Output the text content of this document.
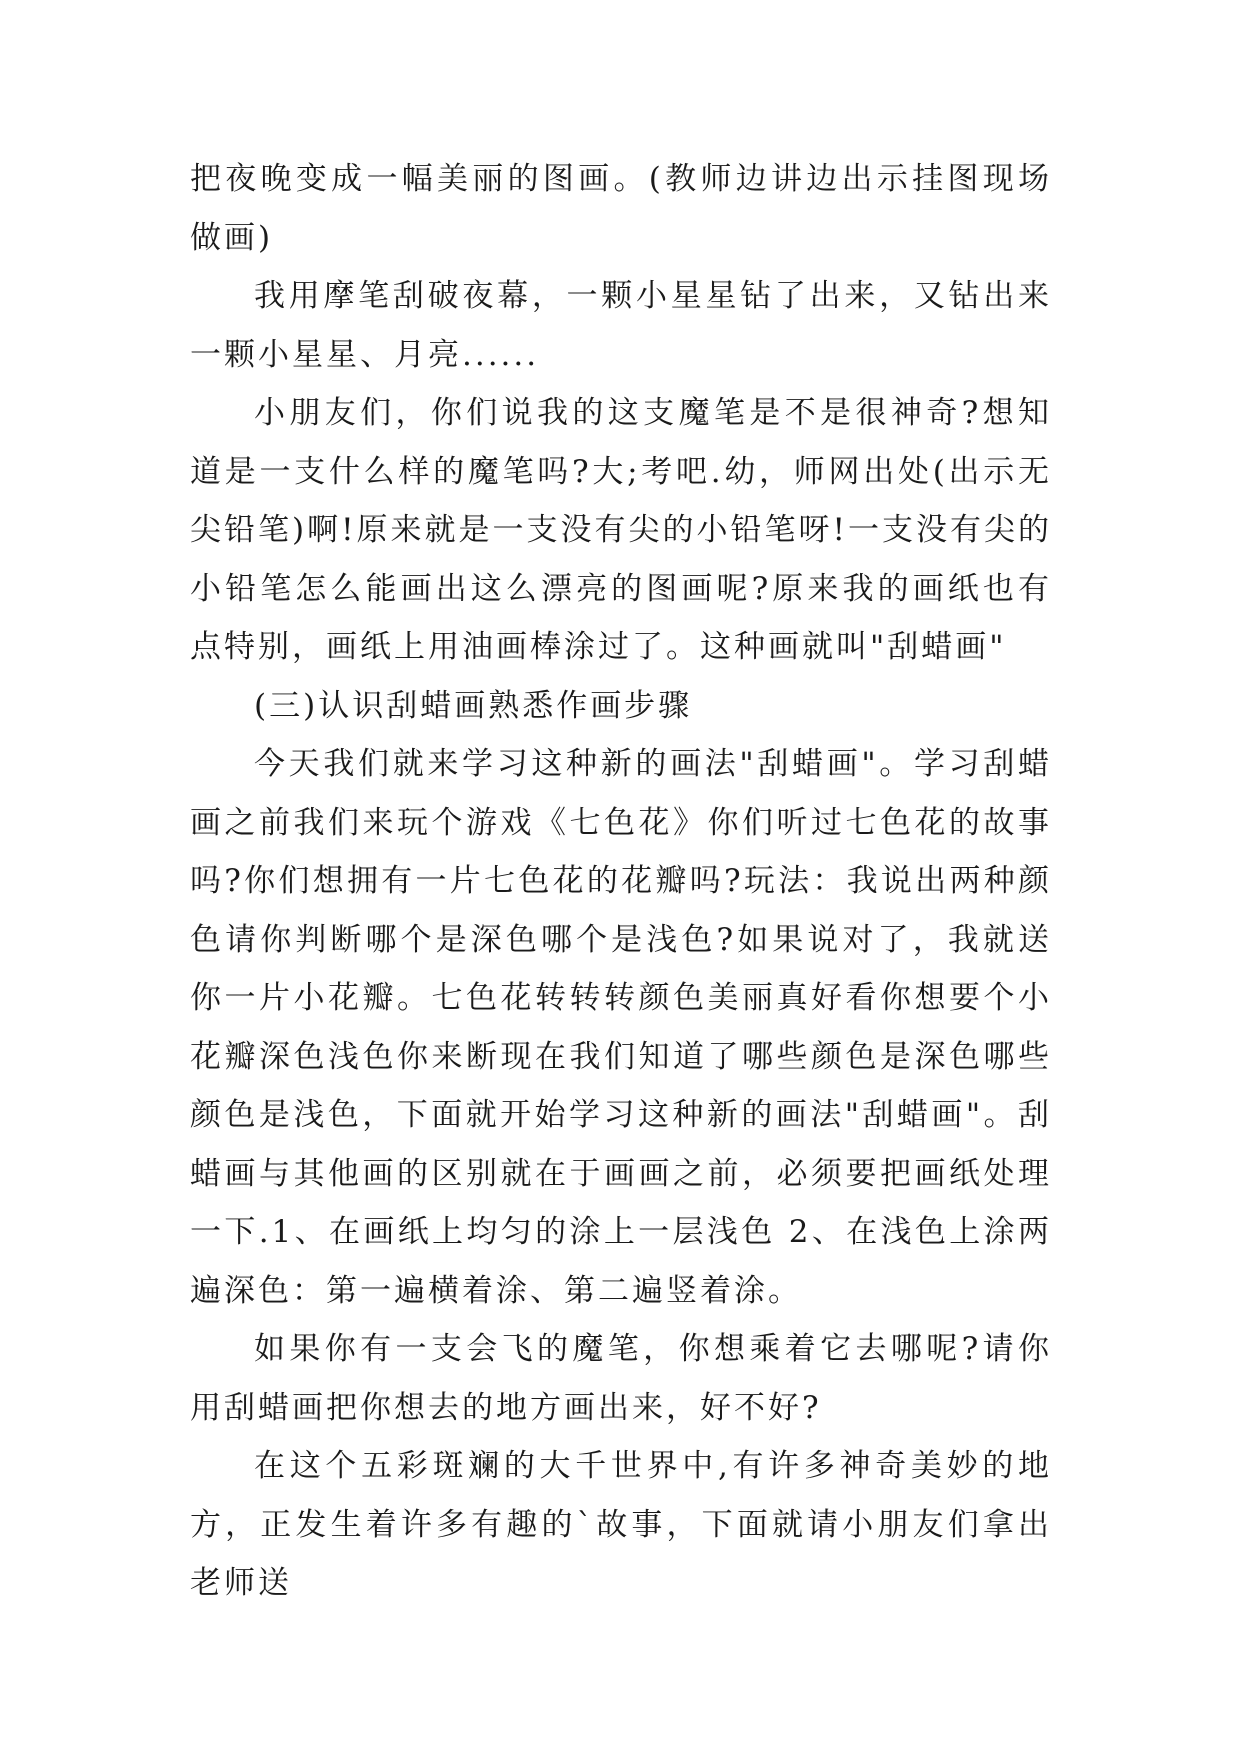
把夜晚变成一幅美丽的图画。(教师边讲边出示挂图现场做画)

我用摩笔刮破夜幕，一颗小星星钻了出来，又钻出来一颗小星星、月亮......

小朋友们，你们说我的这支魔笔是不是很神奇?想知道是一支什么样的魔笔吗?大;考吧.幼，师网出处(出示无尖铅笔)啊!原来就是一支没有尖的小铅笔呀!一支没有尖的小铅笔怎么能画出这么漂亮的图画呢?原来我的画纸也有点特别，画纸上用油画棒涂过了。这种画就叫"刮蜡画"

(三)认识刮蜡画熟悉作画步骤

今天我们就来学习这种新的画法"刮蜡画"。学习刮蜡画之前我们来玩个游戏《七色花》你们听过七色花的故事吗?你们想拥有一片七色花的花瓣吗?玩法：我说出两种颜色请你判断哪个是深色哪个是浅色?如果说对了，我就送你一片小花瓣。七色花转转转颜色美丽真好看你想要个小花瓣深色浅色你来断现在我们知道了哪些颜色是深色哪些颜色是浅色，下面就开始学习这种新的画法"刮蜡画"。刮蜡画与其他画的区别就在于画画之前，必须要把画纸处理一下.1、在画纸上均匀的涂上一层浅色 2、在浅色上涂两遍深色：第一遍横着涂、第二遍竖着涂。

如果你有一支会飞的魔笔，你想乘着它去哪呢?请你用刮蜡画把你想去的地方画出来，好不好?

在这个五彩斑斓的大千世界中,有许多神奇美妙的地方，正发生着许多有趣的`故事，下面就请小朋友们拿出老师送
